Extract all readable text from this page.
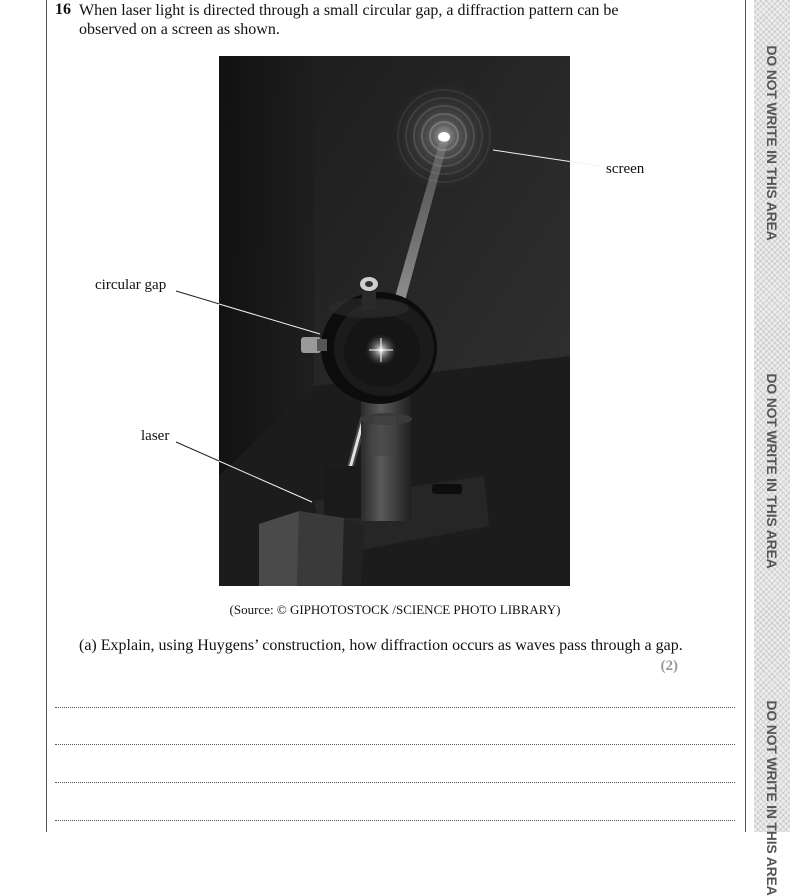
DO NOT WRITE IN THIS AREA
DO NOT WRITE IN THIS AREA
DO NOT WRITE IN THIS AREA
16 When laser light is directed through a small circular gap, a diffraction pattern can be observed on a screen as shown.
screen
circular gap
laser
(Source: © GIPHOTOSTOCK /SCIENCE PHOTO LIBRARY)
(a) Explain, using Huygens’ construction, how diffraction occurs as waves pass through a gap.
(2)
